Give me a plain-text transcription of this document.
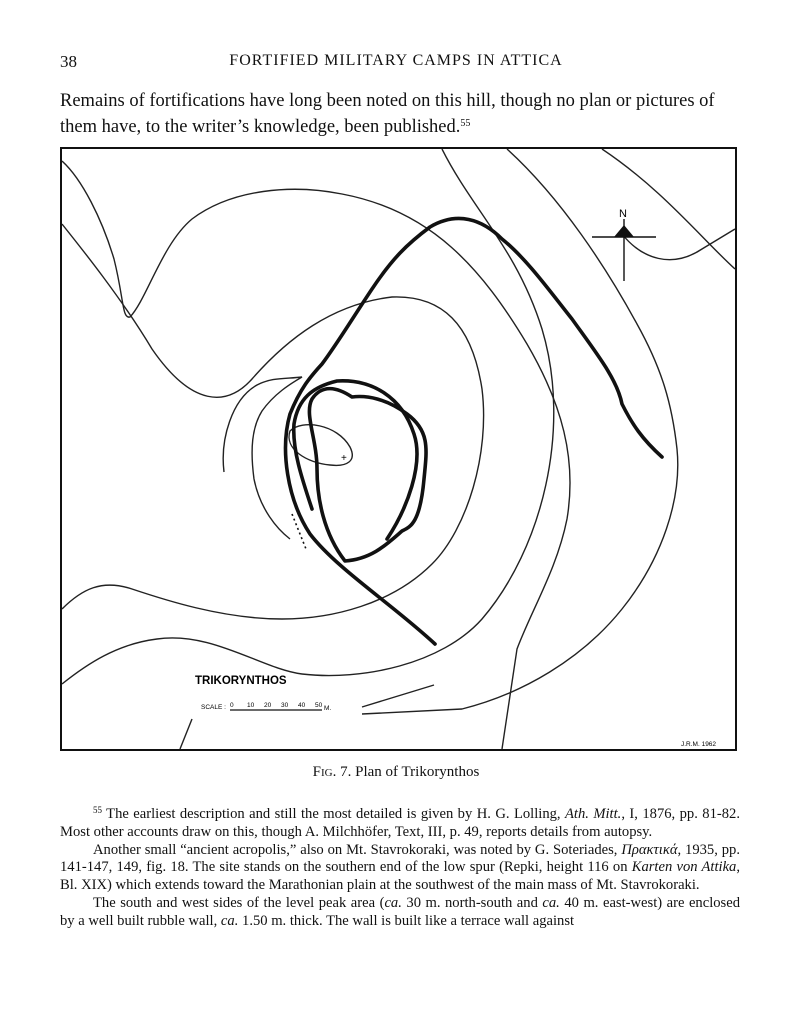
38	FORTIFIED MILITARY CAMPS IN ATTICA
Remains of fortifications have long been noted on this hill, though no plan or pictures of them have, to the writer’s knowledge, been published.$^{55}$
+
N
TRIKORYNTHOS
SCALE : 0 10 20 30 40 50 M.
J.R.M. 1962
Fig. 7. Plan of Trikorynthos

$^{55}$ The earliest description and still the most detailed is given by H. G. Lolling, Ath. Mitt., I, 1876, pp. 81-82. Most other accounts draw on this, though A. Milchhöfer, Text, III, p. 49, reports details from autopsy.

Another small “ancient acropolis,” also on Mt. Stavrokoraki, was noted by G. Soteriades, Πρακτικά, 1935, pp. 141-147, 149, fig. 18. The site stands on the southern end of the low spur (Repki, height 116 on Karten von Attika, Bl. XIX) which extends toward the Marathonian plain at the southwest of the main mass of Mt. Stavrokoraki.

The south and west sides of the level peak area (ca. 30 m. north-south and ca. 40 m. east-west) are enclosed by a well built rubble wall, ca. 1.50 m. thick. The wall is built like a terrace wall against
